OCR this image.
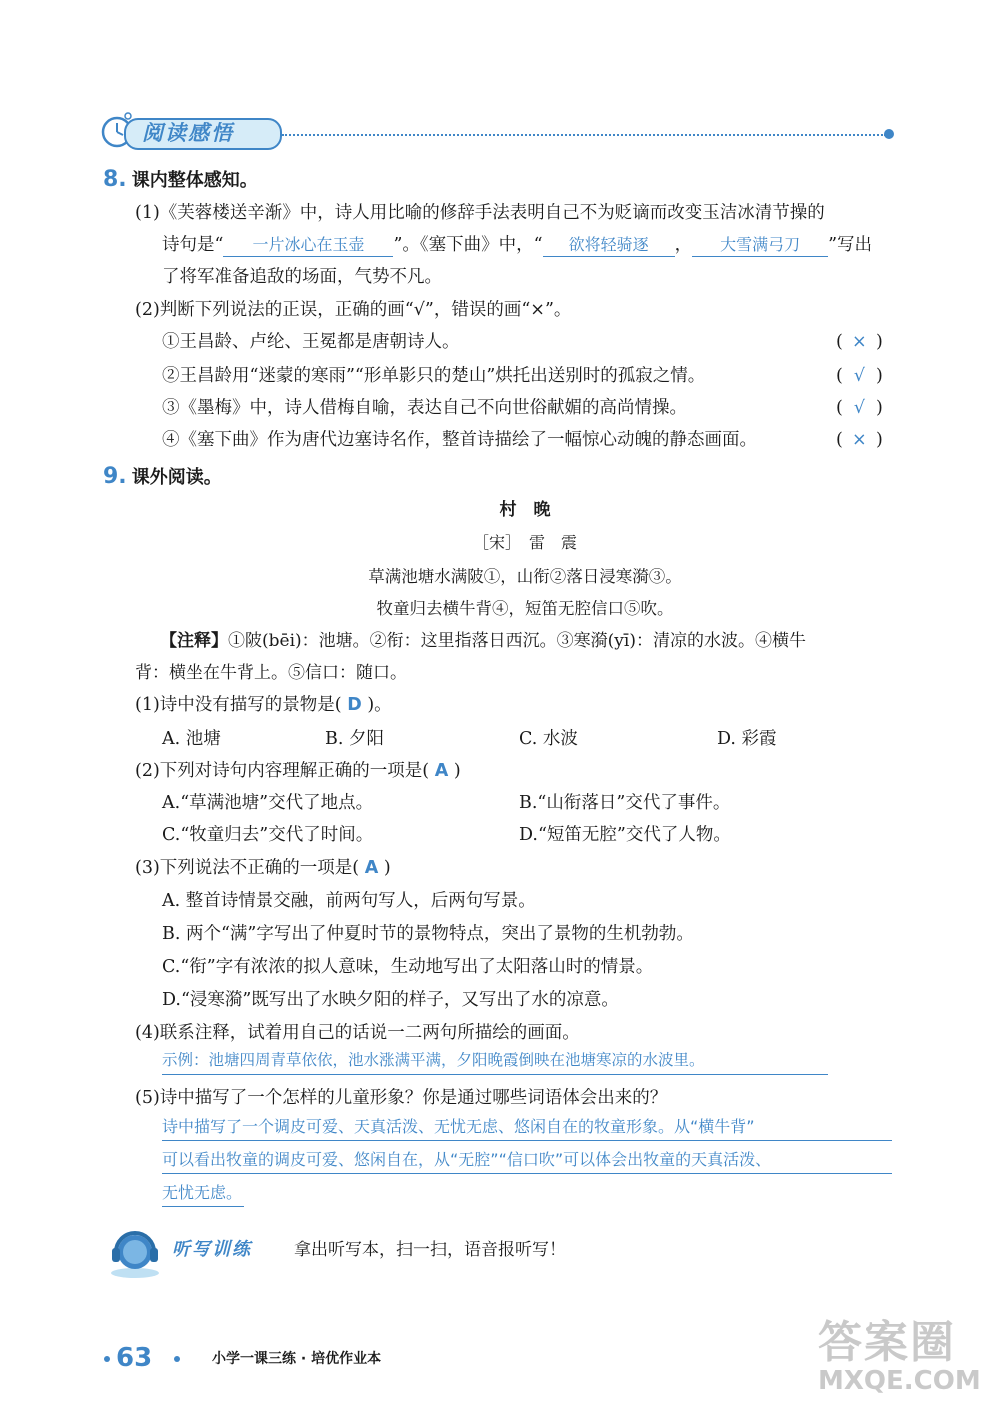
阅读感悟
8. 课内整体感知。
(1)《芙蓉楼送辛渐》中，诗人用比喻的修辞手法表明自己不为贬谪而改变玉洁冰清节操的
诗句是“ 一片冰心在玉壶 ”。《塞下曲》中，“ 欲将轻骑逐 ， 大雪满弓刀 ”写出
了将军准备追敌的场面，气势不凡。
(2)判断下列说法的正误，正确的画“√”，错误的画“×”。
①王昌龄、卢纶、王冕都是唐朝诗人。	( × )
②王昌龄用“迷蒙的寒雨”“形单影只的楚山”烘托出送别时的孤寂之情。	( √ )
③《墨梅》中，诗人借梅自喻，表达自己不向世俗献媚的高尚情操。	( √ )
④《塞下曲》作为唐代边塞诗名作，整首诗描绘了一幅惊心动魄的静态画面。	( × )
9. 课外阅读。
村　晚
［宋］　雷　震
草满池塘水满陂①，山衔②落日浸寒漪③。
牧童归去横牛背④，短笛无腔信口⑤吹。
【注释】①陂(bēi)：池塘。②衔：这里指落日西沉。③寒漪(yī)：清凉的水波。④横牛
背：横坐在牛背上。⑤信口：随口。
(1)诗中没有描写的景物是( D )。
A. 池塘	B. 夕阳	C. 水波	D. 彩霞
(2)下列对诗句内容理解正确的一项是( A )
A.“草满池塘”交代了地点。	B.“山衔落日”交代了事件。
C.“牧童归去”交代了时间。	D.“短笛无腔”交代了人物。
(3)下列说法不正确的一项是( A )
A. 整首诗情景交融，前两句写人，后两句写景。
B. 两个“满”字写出了仲夏时节的景物特点，突出了景物的生机勃勃。
C.“衔”字有浓浓的拟人意味，生动地写出了太阳落山时的情景。
D.“浸寒漪”既写出了水映夕阳的样子，又写出了水的凉意。
(4)联系注释，试着用自己的话说一二两句所描绘的画面。
示例：池塘四周青草依依，池水涨满平满，夕阳晚霞倒映在池塘寒凉的水波里。
(5)诗中描写了一个怎样的儿童形象？你是通过哪些词语体会出来的？
诗中描写了一个调皮可爱、天真活泼、无忧无虑、悠闲自在的牧童形象。从“横牛背”
可以看出牧童的调皮可爱、悠闲自在，从“无腔”“信口吹”可以体会出牧童的天真活泼、
无忧无虑。
听写训练 拿出听写本，扫一扫，语音报听写！
63	小学一课三练 · 培优作业本	答案圈
MXQE.COM
